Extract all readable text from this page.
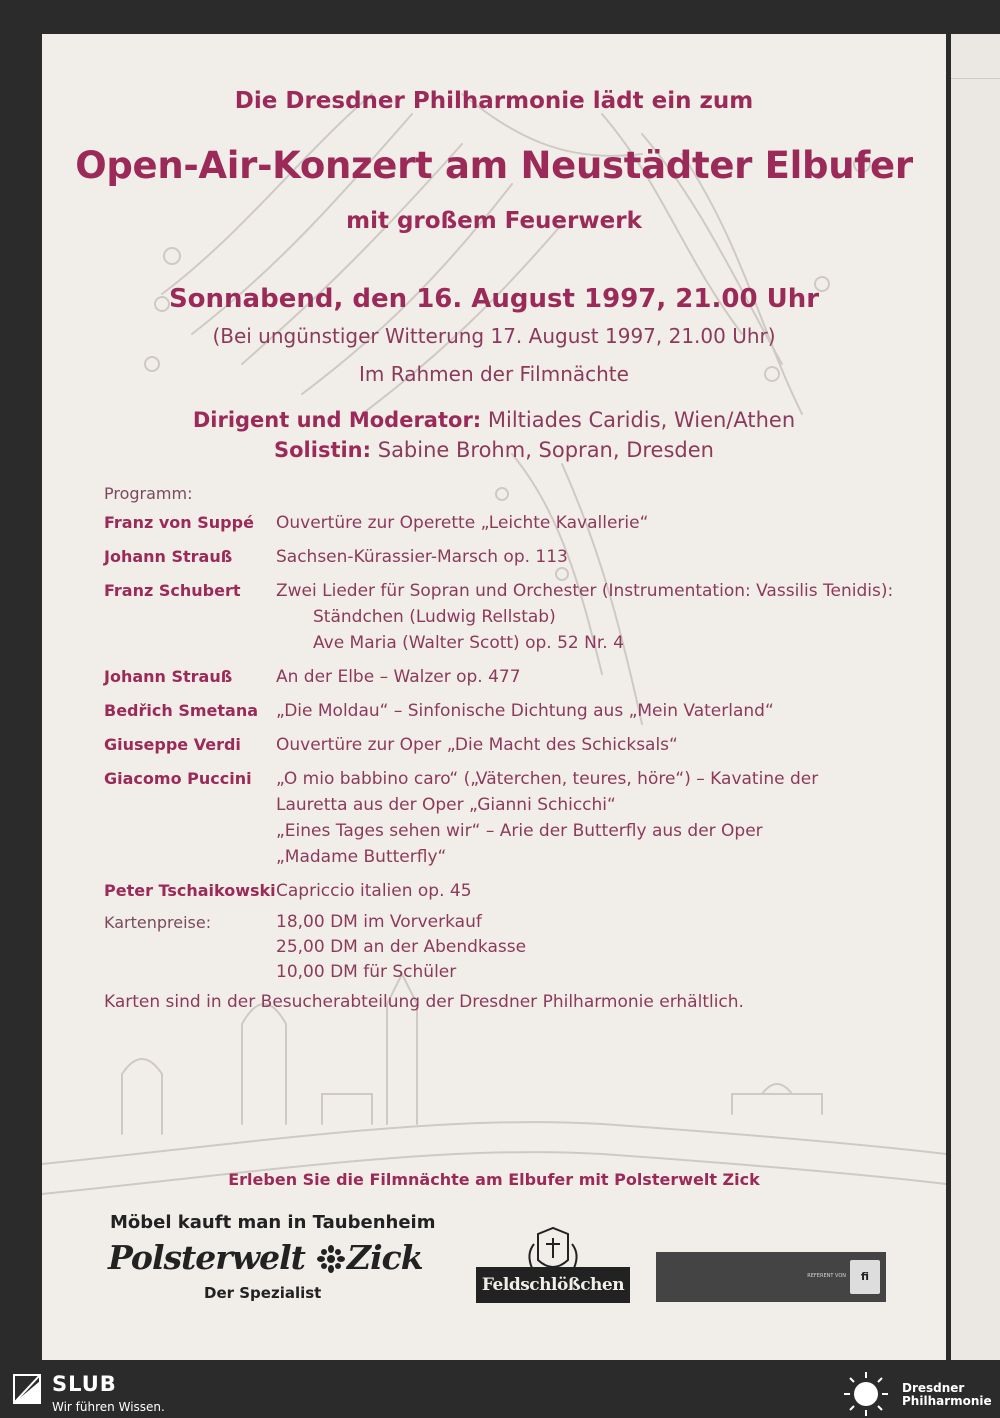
Die Dresdner Philharmonie lädt ein zum
Open-Air-Konzert am Neustädter Elbufer
mit großem Feuerwerk
Sonnabend, den 16. August 1997, 21.00 Uhr
(Bei ungünstiger Witterung 17. August 1997, 21.00 Uhr)
Im Rahmen der Filmnächte
Dirigent und Moderator: Miltiades Caridis, Wien/Athen
Solistin: Sabine Brohm, Sopran, Dresden
Programm:
Franz von Suppé	Ouvertüre zur Operette „Leichte Kavallerie“
Johann Strauß	Sachsen-Kürassier-Marsch op. 113
Franz Schubert	Zwei Lieder für Sopran und Orchester (Instrumentation: Vassilis Tenidis):
Ständchen (Ludwig Rellstab)
Ave Maria (Walter Scott) op. 52 Nr. 4
Johann Strauß	An der Elbe – Walzer op. 477
Bedřich Smetana	„Die Moldau“ – Sinfonische Dichtung aus „Mein Vaterland“
Giuseppe Verdi	Ouvertüre zur Oper „Die Macht des Schicksals“
Giacomo Puccini	„O mio babbino caro“ („Väterchen, teures, höre“) – Kavatine der
Lauretta aus der Oper „Gianni Schicchi“
„Eines Tages sehen wir“ – Arie der Butterfly aus der Oper
„Madame Butterfly“
Peter Tschaikowski Capriccio italien op. 45
Kartenpreise:	18,00 DM im Vorverkauf
25,00 DM an der Abendkasse
10,00 DM für Schüler
Karten sind in der Besucherabteilung der Dresdner Philharmonie erhältlich.
Erleben Sie die Filmnächte am Elbufer mit Polsterwelt Zick
Möbel kauft man in Taubenheim
Polsterwelt Zick
Der Spezialist	Feldschlößchen	REFERENT VON	fi
SLUB
Wir führen Wissen.
Dresdner
Philharmonie
